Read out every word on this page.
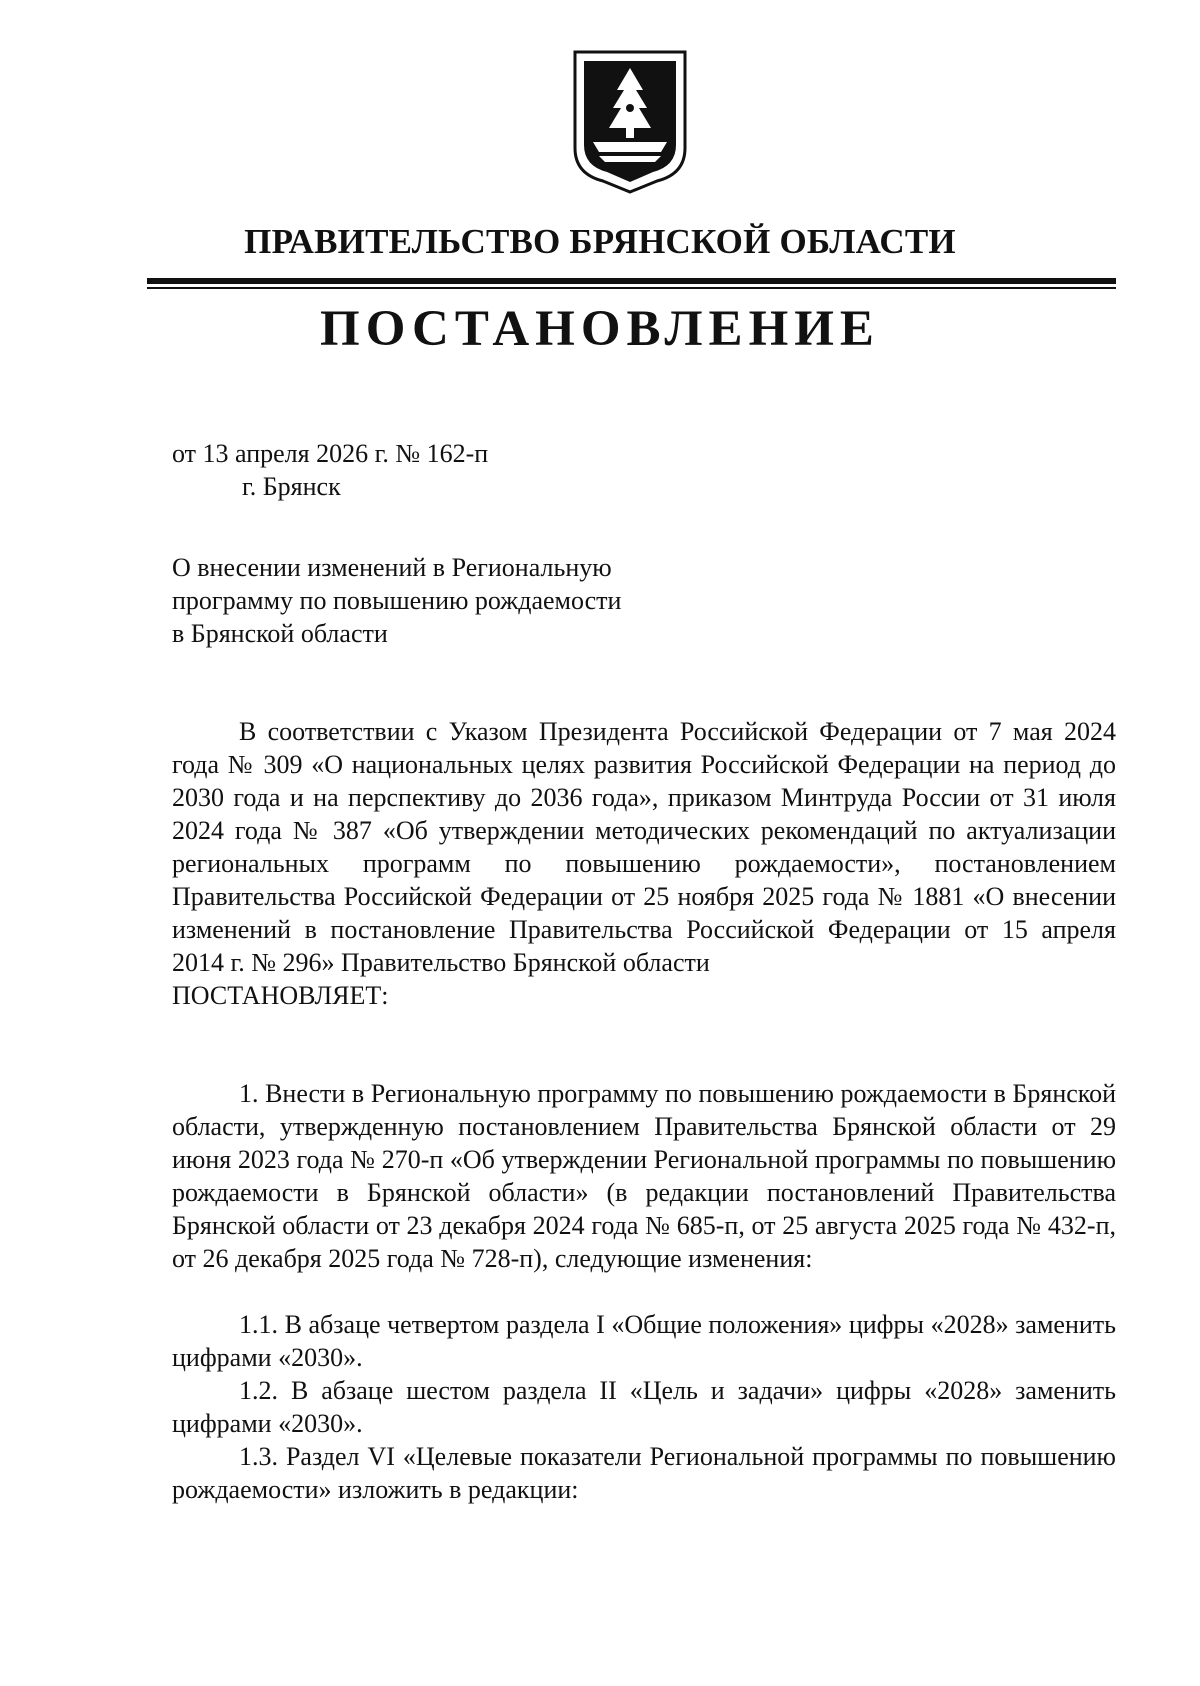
ПРАВИТЕЛЬСТВО БРЯНСКОЙ ОБЛАСТИ
ПОСТАНОВЛЕНИЕ
от 13 апреля 2026 г. № 162-п
г. Брянск
О внесении изменений в Региональную
программу по повышению рождаемости
в Брянской области
В соответствии с Указом Президента Российской Федерации от 7 мая 2024 года № 309 «О национальных целях развития Российской Федерации на период до 2030 года и на перспективу до 2036 года», приказом Минтруда России от 31 июля 2024 года № 387 «Об утверждении методических рекомендаций по актуализации региональных программ по повышению рождаемости», постановлением Правительства Российской Федерации от 25 ноября 2025 года № 1881 «О внесении изменений в постановление Правительства Российской Федерации от 15 апреля 2014 г. № 296» Правительство Брянской области
ПОСТАНОВЛЯЕТ:
1. Внести в Региональную программу по повышению рождаемости в Брянской области, утвержденную постановлением Правительства Брянской области от 29 июня 2023 года № 270-п «Об утверждении Региональной программы по повышению рождаемости в Брянской области» (в редакции постановлений Правительства Брянской области от 23 декабря 2024 года № 685-п, от 25 августа 2025 года № 432-п, от 26 декабря 2025 года № 728-п), следующие изменения:
1.1. В абзаце четвертом раздела I «Общие положения» цифры «2028» заменить цифрами «2030».
1.2. В абзаце шестом раздела II «Цель и задачи» цифры «2028» заменить цифрами «2030».
1.3. Раздел VI «Целевые показатели Региональной программы по повышению рождаемости» изложить в редакции:
